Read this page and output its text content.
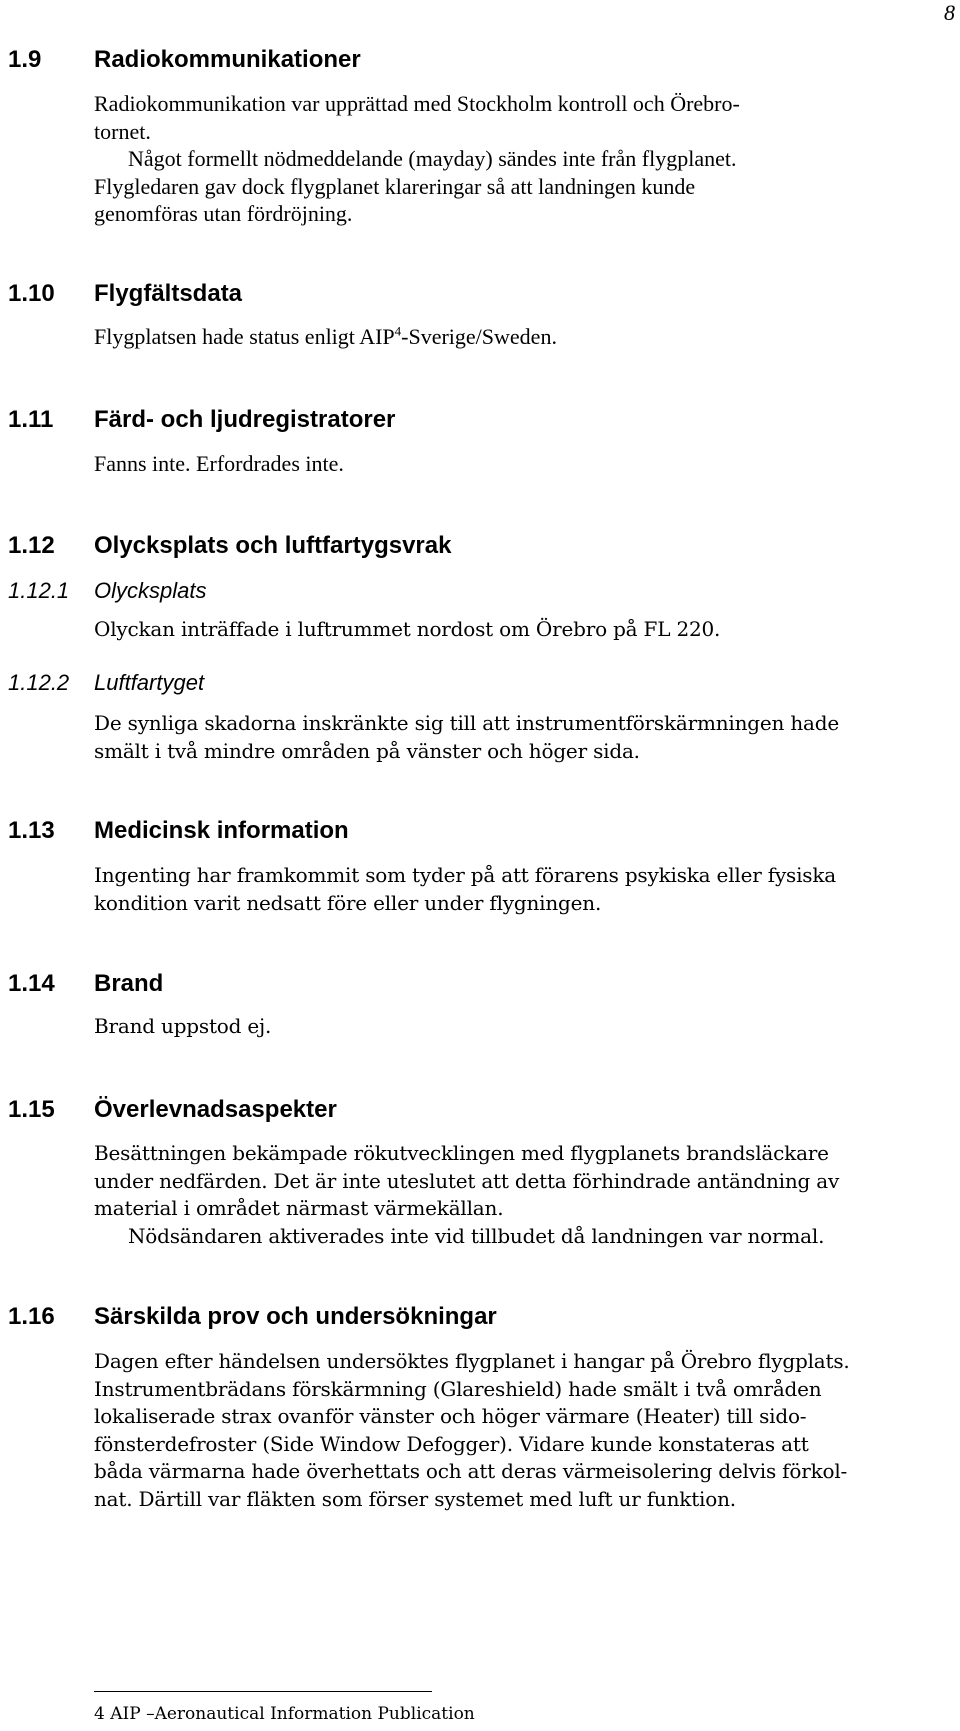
8
1.9 Radiokommunikationer
Radiokommunikation var upprättad med Stockholm kontroll och Örebro-
tornet.
Något formellt nödmeddelande (mayday) sändes inte från flygplanet.
Flygledaren gav dock flygplanet klareringar så att landningen kunde
genomföras utan fördröjning.
1.10 Flygfältsdata
Flygplatsen hade status enligt AIP$^4$-Sverige/Sweden.
1.11 Färd- och ljudregistratorer
Fanns inte. Erfordrades inte.
1.12 Olycksplats och luftfartygsvrak
1.12.1 Olycksplats
Olyckan inträffade i luftrummet nordost om Örebro på FL 220.
1.12.2 Luftfartyget
De synliga skadorna inskränkte sig till att instrumentförskärmningen hade
smält i två mindre områden på vänster och höger sida.
1.13 Medicinsk information
Ingenting har framkommit som tyder på att förarens psykiska eller fysiska
kondition varit nedsatt före eller under flygningen.
1.14 Brand
Brand uppstod ej.
1.15 Överlevnadsaspekter
Besättningen bekämpade rökutvecklingen med flygplanets brandsläckare
under nedfärden. Det är inte uteslutet att detta förhindrade antändning av
material i området närmast värmekällan.
Nödsändaren aktiverades inte vid tillbudet då landningen var normal.
1.16 Särskilda prov och undersökningar
Dagen efter händelsen undersöktes flygplanet i hangar på Örebro flygplats.
Instrumentbrädans förskärmning (Glareshield) hade smält i två områden
lokaliserade strax ovanför vänster och höger värmare (Heater) till sido-
fönsterdefroster (Side Window Defogger). Vidare kunde konstateras att
båda värmarna hade överhettats och att deras värmeisolering delvis förkol-
nat. Därtill var fläkten som förser systemet med luft ur funktion.
4 AIP –Aeronautical Information Publication
